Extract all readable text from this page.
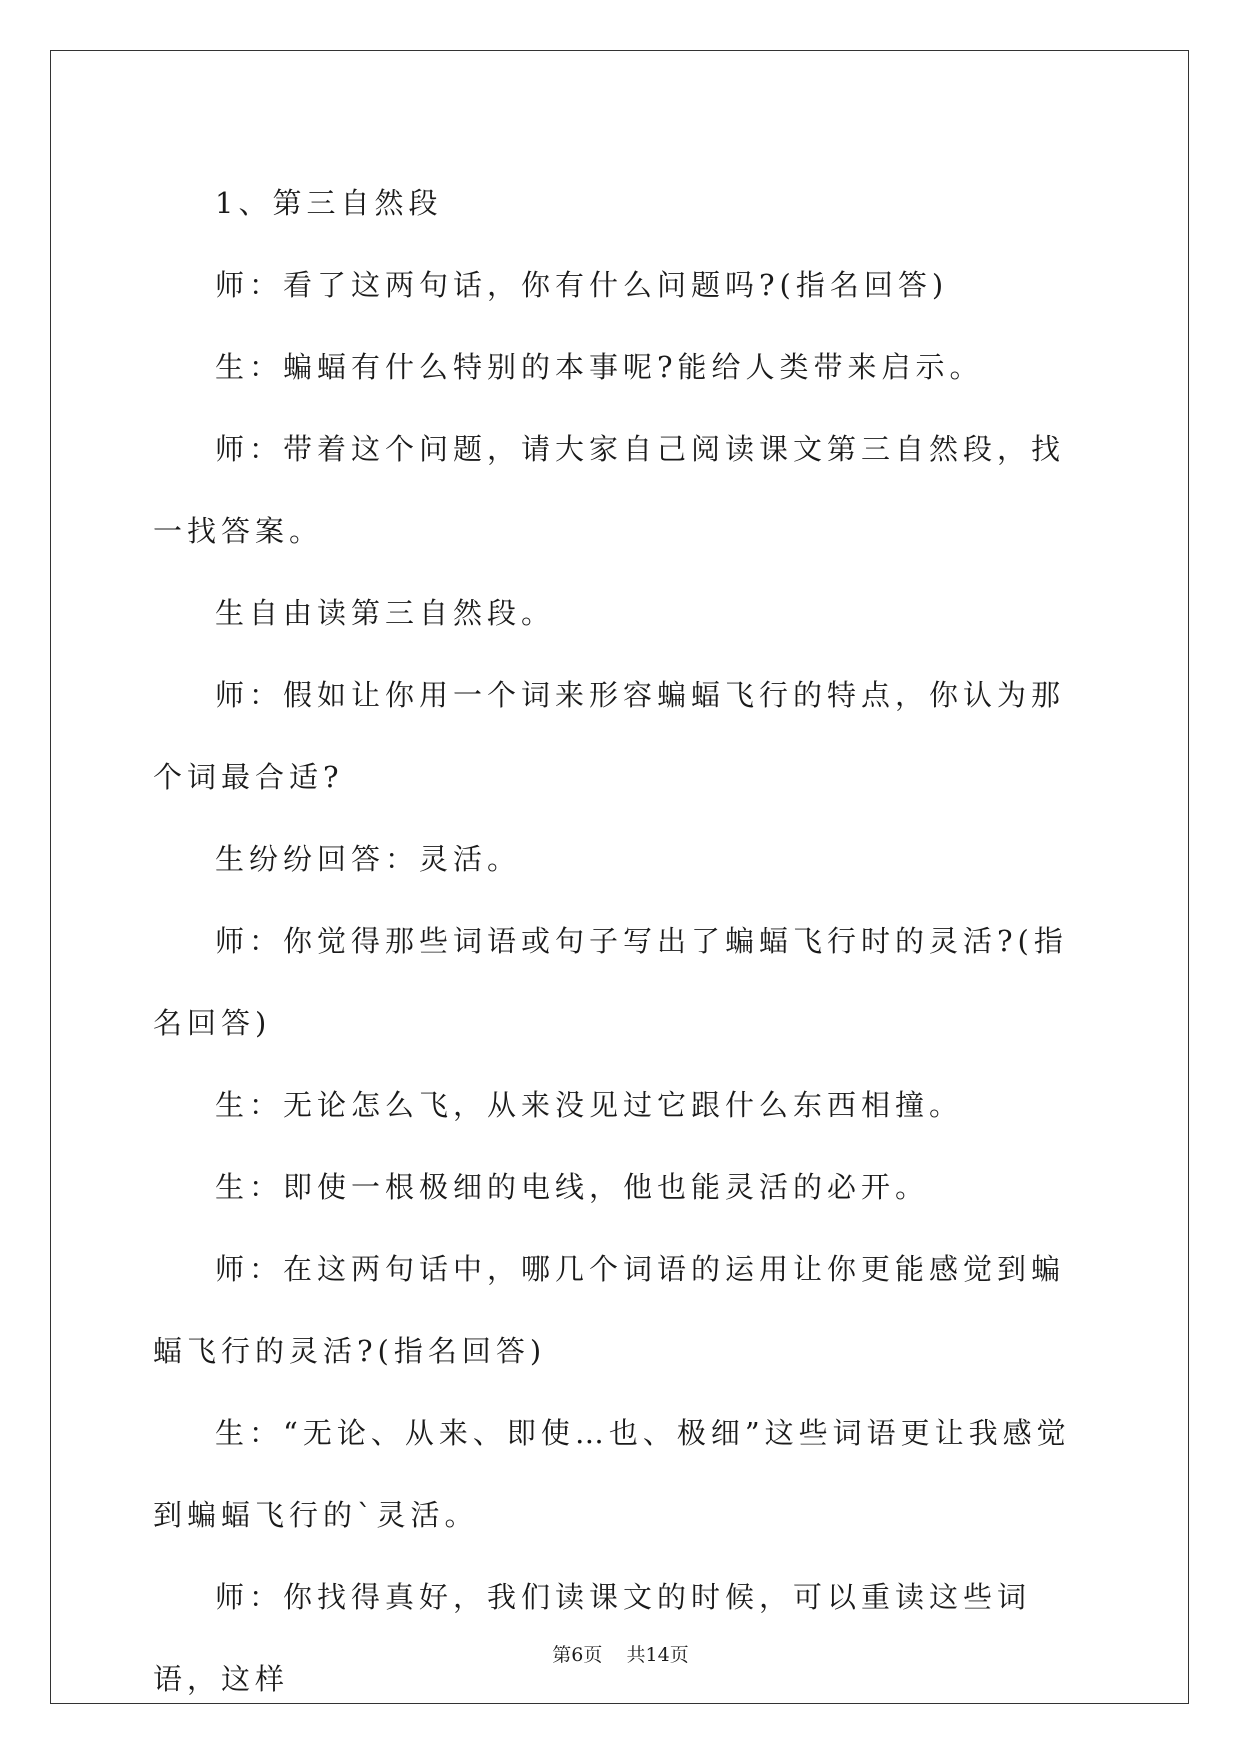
1、第三自然段

师：看了这两句话，你有什么问题吗?(指名回答)

生：蝙蝠有什么特别的本事呢?能给人类带来启示。

师：带着这个问题，请大家自己阅读课文第三自然段，找一找答案。

生自由读第三自然段。

师：假如让你用一个词来形容蝙蝠飞行的特点，你认为那个词最合适?

生纷纷回答：灵活。

师：你觉得那些词语或句子写出了蝙蝠飞行时的灵活?(指名回答)

生：无论怎么飞，从来没见过它跟什么东西相撞。

生：即使一根极细的电线，他也能灵活的必开。

师：在这两句话中，哪几个词语的运用让你更能感觉到蝙蝠飞行的灵活?(指名回答)

生：“无论、从来、即使…也、极细”这些词语更让我感觉到蝙蝠飞行的`灵活。

师：你找得真好，我们读课文的时候，可以重读这些词语，这样

第6页 共14页
